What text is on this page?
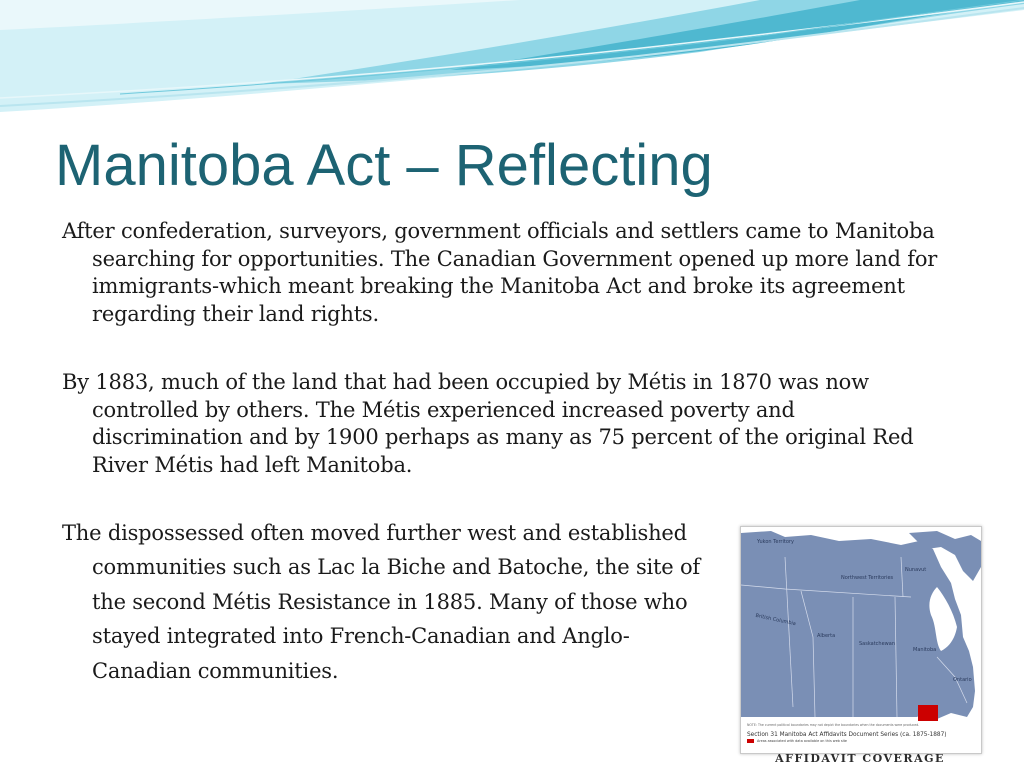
Manitoba Act – Reflecting

After confederation, surveyors, government officials and settlers came to Manitoba searching for opportunities. The Canadian Government opened up more land for immigrants-which meant breaking the Manitoba Act and broke its agreement regarding their land rights.

By 1883, much of the land that had been occupied by Métis in 1870 was now controlled by others. The Métis experienced increased poverty and discrimination and by 1900 perhaps as many as 75 percent of the original Red River Métis had left Manitoba.

The dispossessed often moved further west and established communities such as Lac la Biche and Batoche, the site of the second Métis Resistance in 1885. Many of those who stayed integrated into French-Canadian and Anglo-Canadian communities.

Yukon Territory
Northwest Territories
Nunavut
British Columbia
Alberta
Saskatchewan
Manitoba
Ontario
NOTE: The current political boundaries may not depict the boundaries when the documents were produced.
Section 31 Manitoba Act Affidavits Document Series (ca. 1875-1887)
Areas associated with data available on this web site
AFFIDAVIT COVERAGE
